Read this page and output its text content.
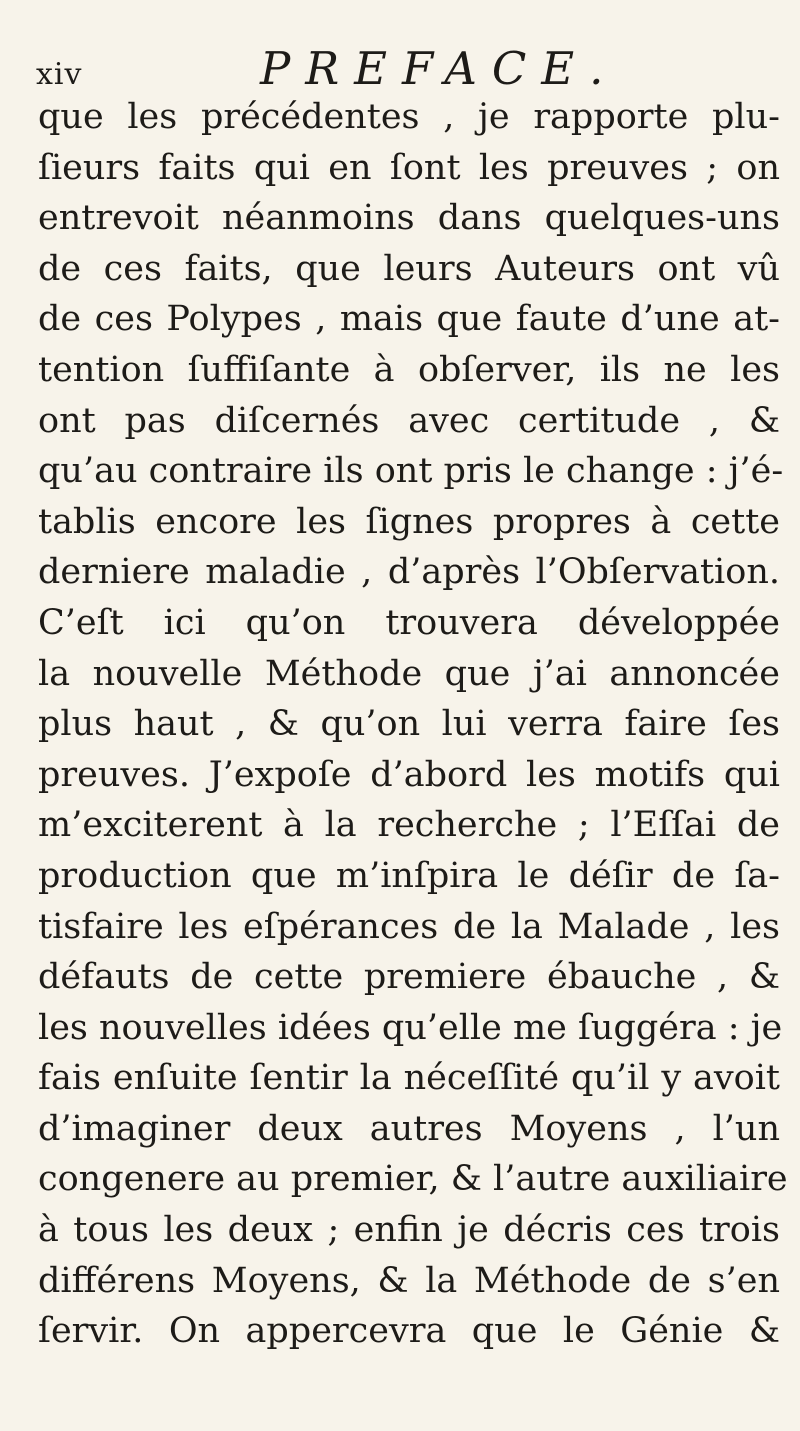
xiv	PREFACE.
que les précédentes , je rapporte plu-
ſieurs faits qui en ſont les preuves ; on
entrevoit néanmoins dans quelques-uns
de ces faits, que leurs Auteurs ont vû
de ces Polypes , mais que faute d’une at-
tention ſuffiſante à obſerver, ils ne les
ont pas diſcernés avec certitude , &
qu’au contraire ils ont pris le change : j’é-
tablis encore les ſignes propres à cette
derniere maladie , d’après l’Obſervation.
C’eſt ici qu’on trouvera développée
la nouvelle Méthode que j’ai annoncée
plus haut , & qu’on lui verra faire ſes
preuves. J’expoſe d’abord les motifs qui
m’exciterent à la recherche ; l’Eſſai de
production que m’inſpira le déſir de ſa-
tisfaire les eſpérances de la Malade , les
défauts de cette premiere ébauche , &
les nouvelles idées qu’elle me ſuggéra : je
fais enſuite ſentir la néceſſité qu’il y avoit
d’imaginer deux autres Moyens , l’un
congenere au premier, & l’autre auxiliaire
à tous les deux ; enfin je décris ces trois
différens Moyens, & la Méthode de s’en
ſervir. On appercevra que le Génie &
